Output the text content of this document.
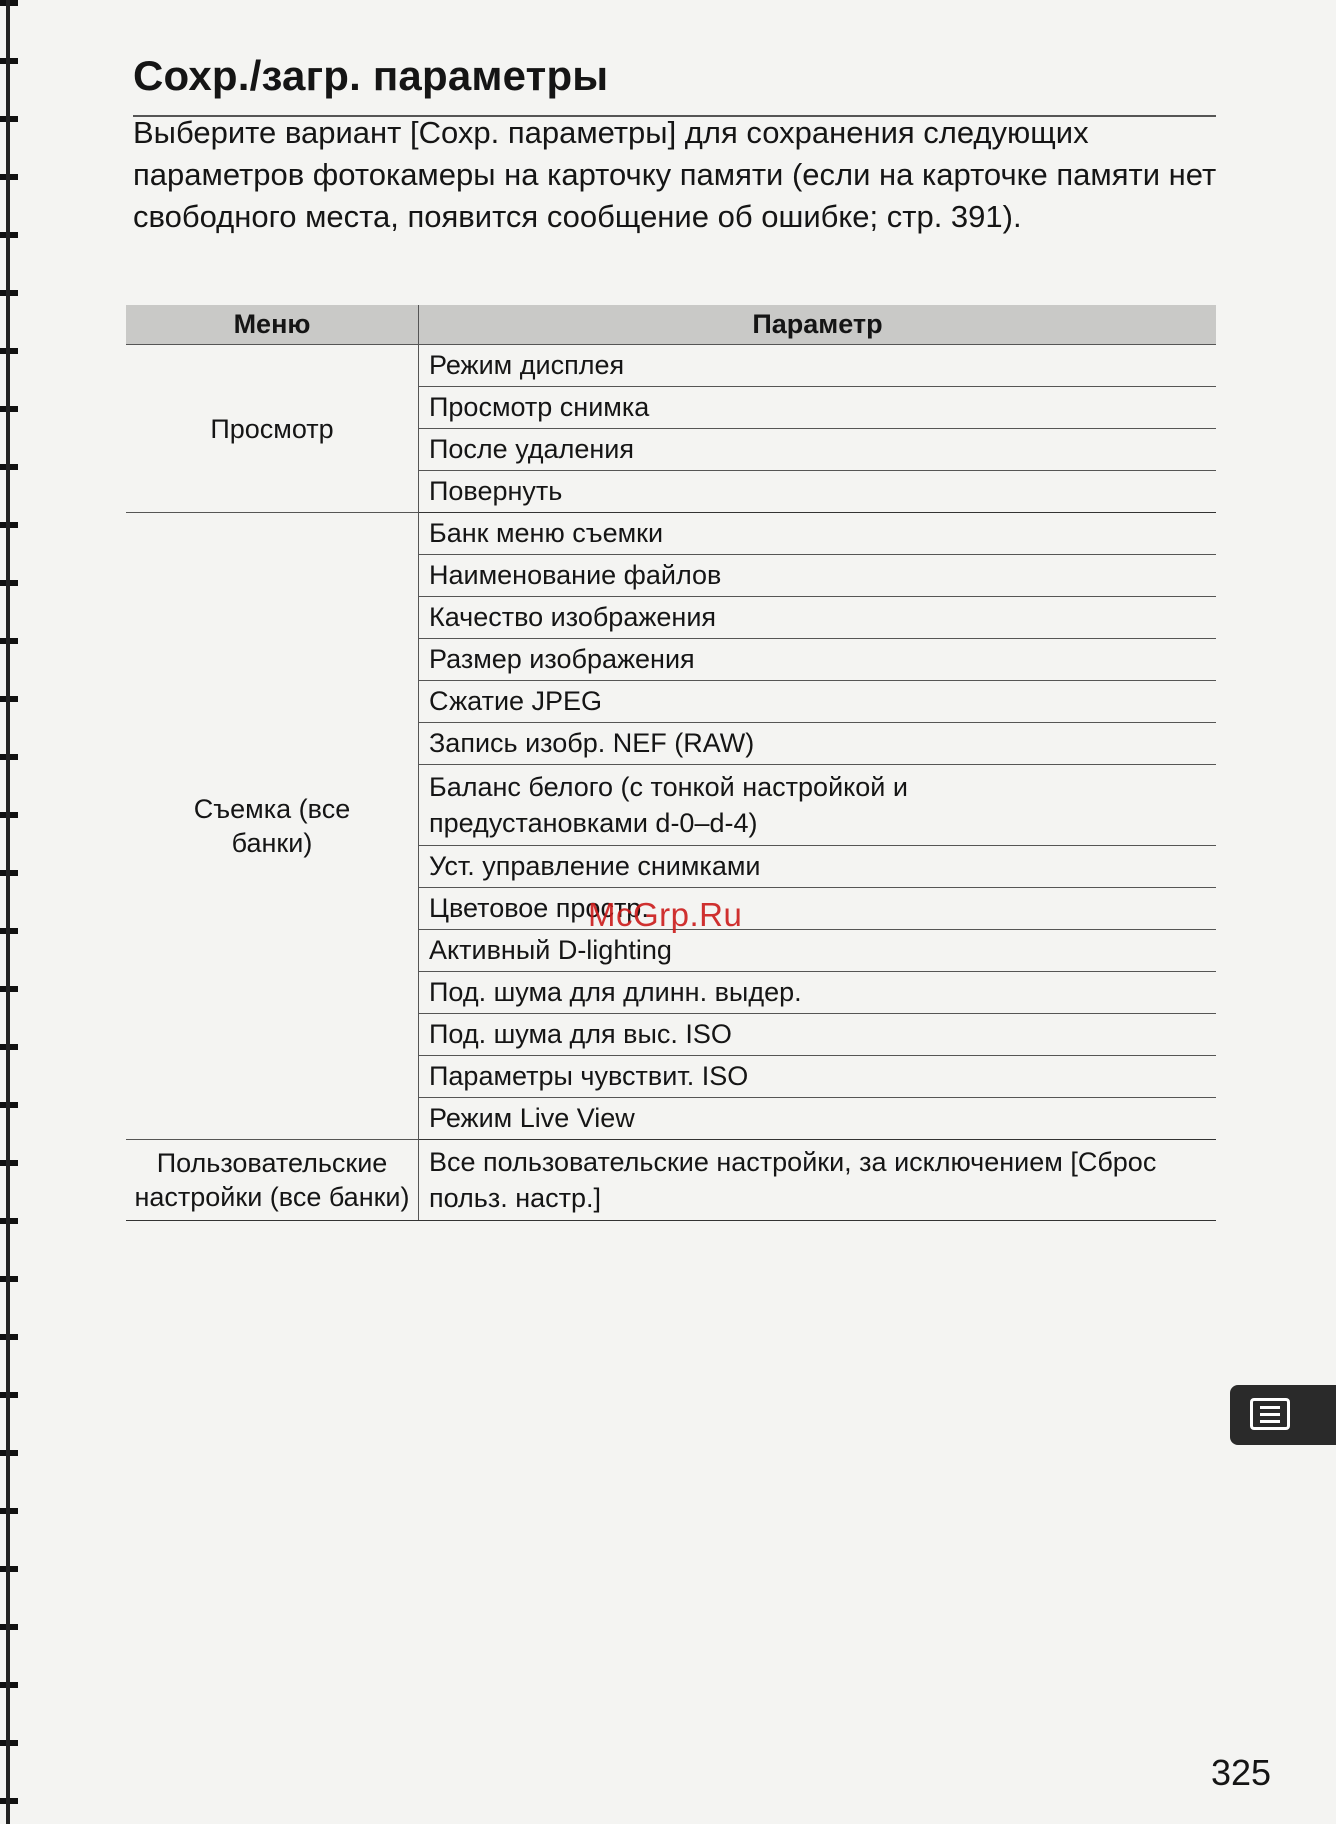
Сохр./загр. параметры

Выберите вариант [Сохр. параметры] для сохранения следующих параметров фотокамеры на карточку памяти (если на карточке памяти нет свободного места, появится сообщение об ошибке; стр. 391).

Меню	Параметр
Просмотр	Режим дисплея
	Просмотр снимка
	После удаления
	Повернуть

Съемка (все банки)	Банк меню съемки
	Наименование файлов
	Качество изображения
	Размер изображения
	Сжатие JPEG
	Запись изобр. NEF (RAW)

	Баланс белого (с тонкой настройкой и предустановками d-0–d-4)

	Уст. управление снимками
	Цветовое простр.
	Активный D-lighting
	Под. шума для длинн. выдер.
	Под. шума для выс. ISO
	Параметры чувствит. ISO
	Режим Live View

Пользовательские настройки (все банки)	Все пользовательские настройки, за исключением [Сброс польз. настр.]
McGrp.Ru
325
